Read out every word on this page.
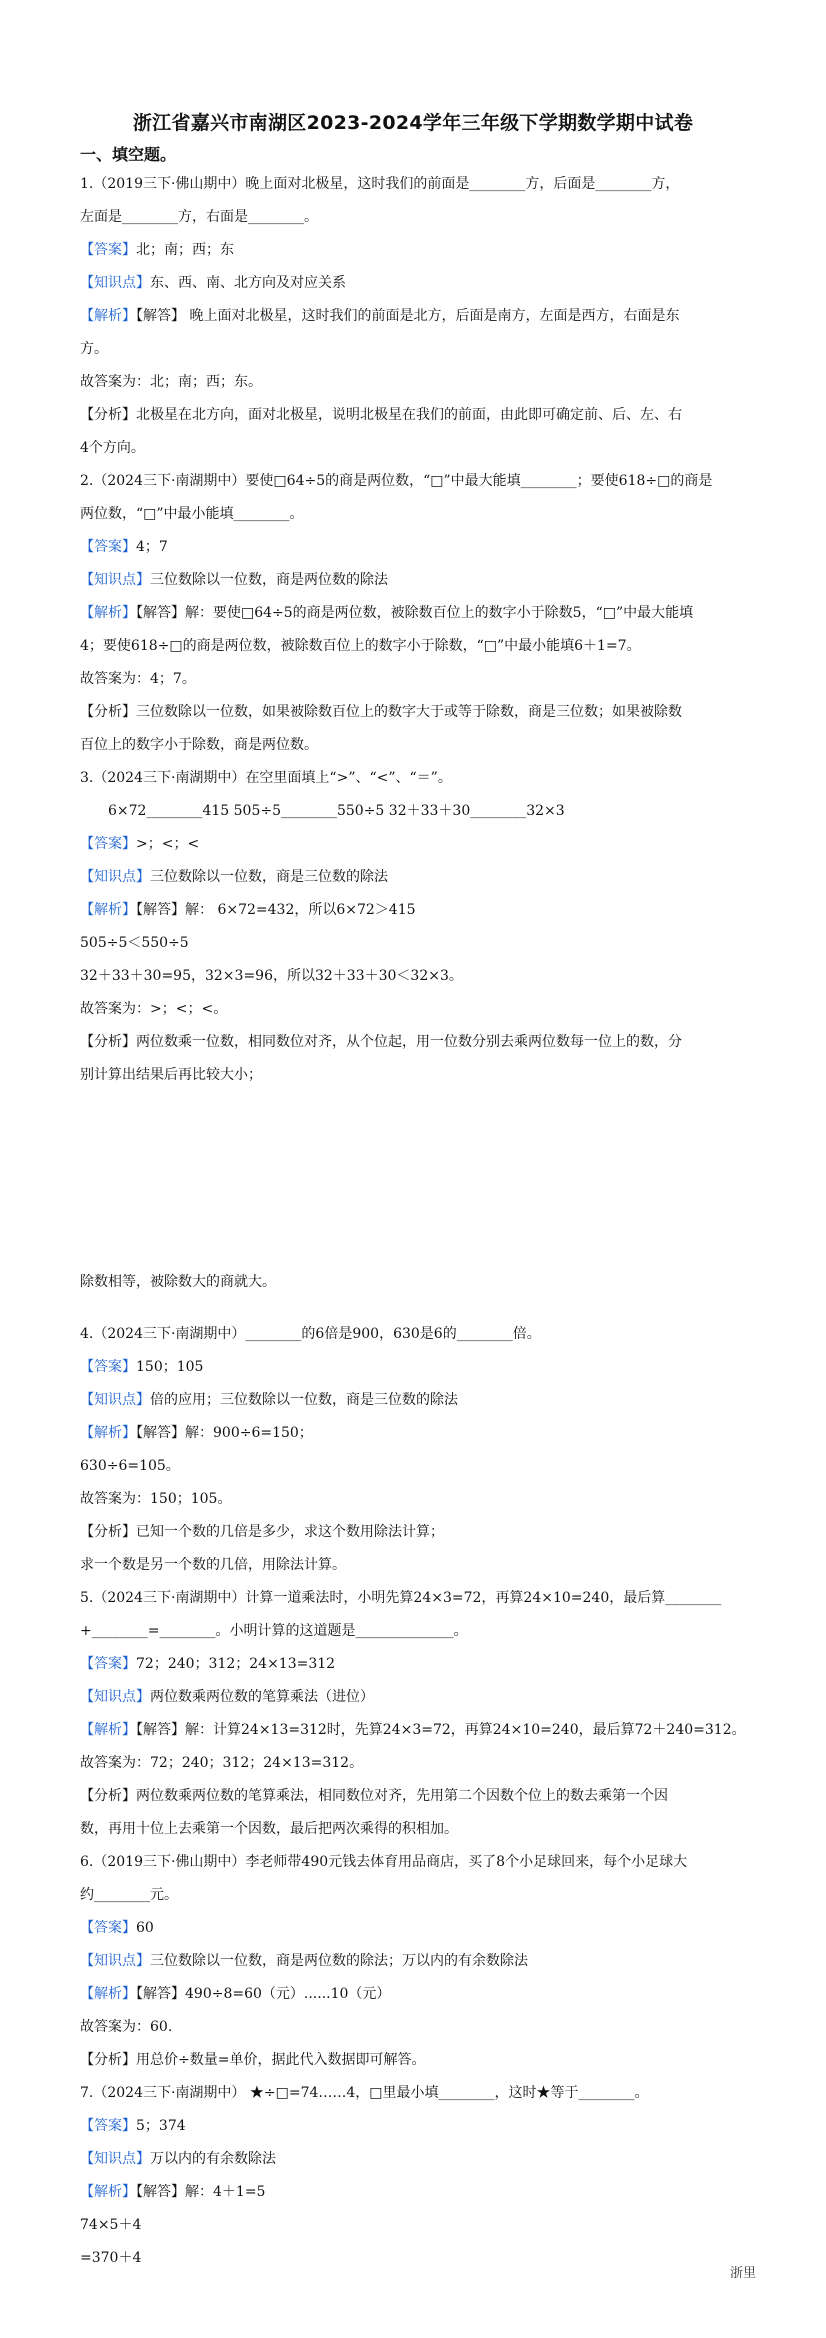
浙江省嘉兴市南湖区2023-2024学年三年级下学期数学期中试卷
一、填空题。
1.（2019三下·佛山期中）晚上面对北极星，这时我们的前面是________方，后面是________方，
左面是________方，右面是________。
【答案】北；南；西；东
【知识点】东、西、南、北方向及对应关系
【解析】【解答】 晚上面对北极星，这时我们的前面是北方，后面是南方，左面是西方，右面是东
方。
故答案为：北；南；西；东。
【分析】北极星在北方向，面对北极星，说明北极星在我们的前面，由此即可确定前、后、左、右
4个方向。
2.（2024三下·南湖期中）要使□64÷5的商是两位数，“□”中最大能填________；要使618÷□的商是
两位数，“□”中最小能填________。
【答案】4；7
【知识点】三位数除以一位数，商是两位数的除法
【解析】【解答】解：要使□64÷5的商是两位数，被除数百位上的数字小于除数5，“□”中最大能填
4；要使618÷□的商是两位数，被除数百位上的数字小于除数，“□”中最小能填6＋1=7。
故答案为：4；7。
【分析】三位数除以一位数，如果被除数百位上的数字大于或等于除数，商是三位数；如果被除数
百位上的数字小于除数，商是两位数。
3.（2024三下·南湖期中）在空里面填上“>”、“<”、“＝”。
6×72________415 505÷5________550÷5 32＋33＋30________32×3
【答案】>；<；<
【知识点】三位数除以一位数，商是三位数的除法
【解析】【解答】解： 6×72=432，所以6×72＞415
505÷5＜550÷5
32＋33＋30=95，32×3=96，所以32＋33＋30＜32×3。
故答案为：>；<；<。
【分析】两位数乘一位数，相同数位对齐，从个位起，用一位数分别去乘两位数每一位上的数，分
别计算出结果后再比较大小；
除数相等，被除数大的商就大。
4.（2024三下·南湖期中）________的6倍是900，630是6的________倍。
【答案】150；105
【知识点】倍的应用；三位数除以一位数，商是三位数的除法
【解析】【解答】解：900÷6=150；
630÷6=105。
故答案为：150；105。
【分析】已知一个数的几倍是多少，求这个数用除法计算；
求一个数是另一个数的几倍，用除法计算。
5.（2024三下·南湖期中）计算一道乘法时，小明先算24×3=72，再算24×10=240，最后算________
+________=________。小明计算的这道题是______________。
【答案】72；240；312；24×13=312
【知识点】两位数乘两位数的笔算乘法（进位）
【解析】【解答】解：计算24×13=312时，先算24×3=72，再算24×10=240，最后算72＋240=312。
故答案为：72；240；312；24×13=312。
【分析】两位数乘两位数的笔算乘法，相同数位对齐，先用第二个因数个位上的数去乘第一个因
数，再用十位上去乘第一个因数，最后把两次乘得的积相加。
6.（2019三下·佛山期中）李老师带490元钱去体育用品商店，买了8个小足球回来，每个小足球大
约________元。
【答案】60
【知识点】三位数除以一位数，商是两位数的除法；万以内的有余数除法
【解析】【解答】490÷8=60（元）......10（元）
故答案为：60.
【分析】用总价÷数量=单价，据此代入数据即可解答。
7.（2024三下·南湖期中） ★÷□=74……4，□里最小填________，这时★等于________。
【答案】5；374
【知识点】万以内的有余数除法
【解析】【解答】解：4＋1=5
74×5＋4
=370＋4
浙里
